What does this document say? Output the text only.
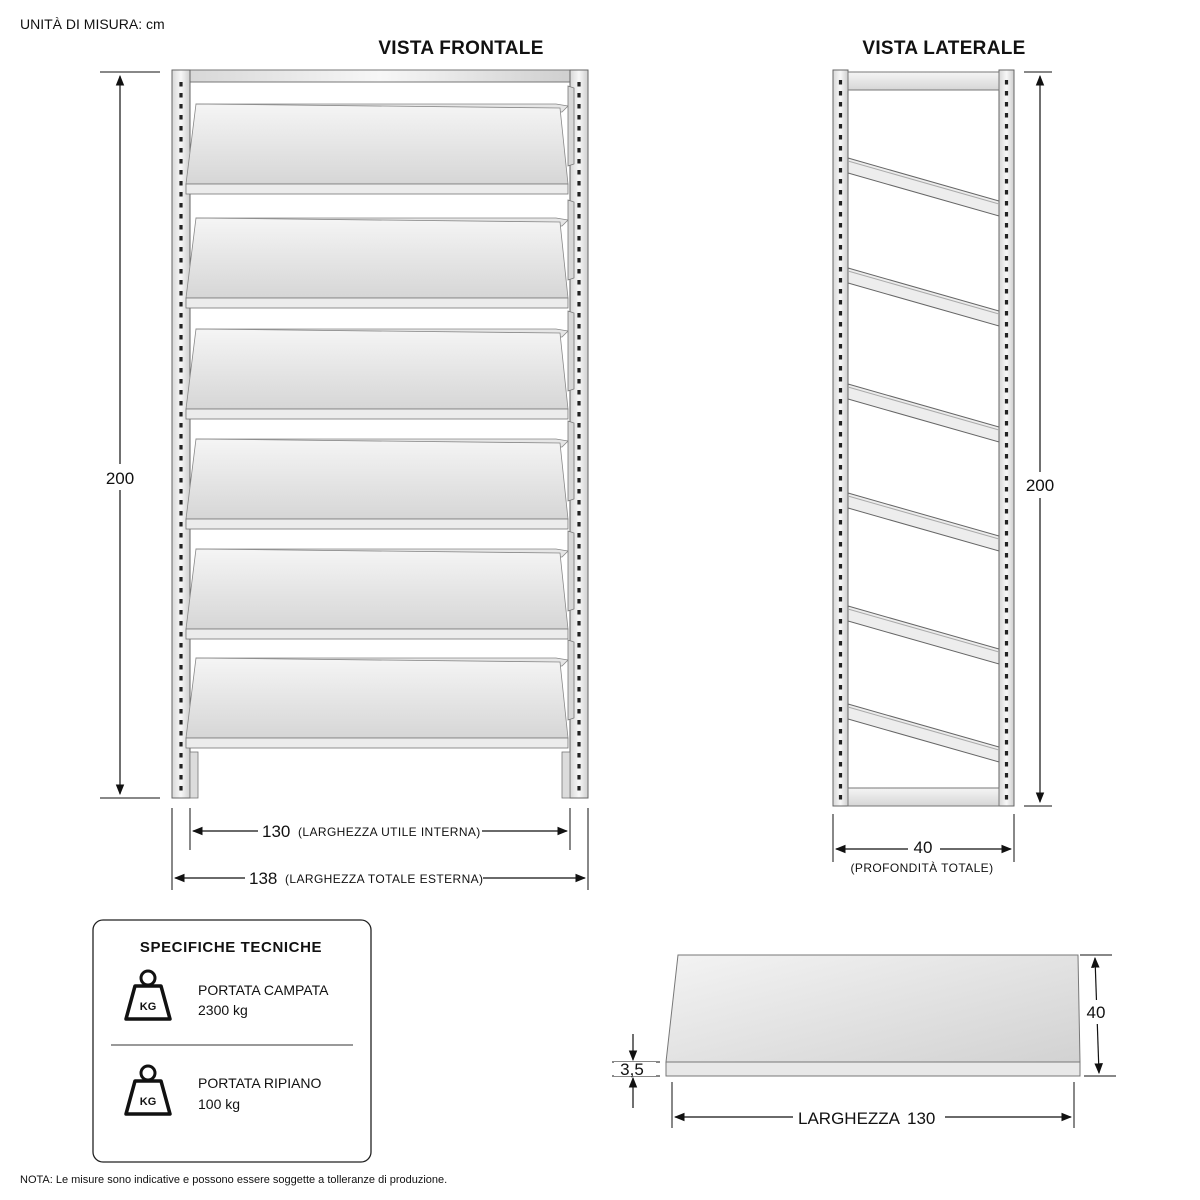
UNITÀ DI MISURA: cm
VISTA FRONTALE
200
130 (LARGHEZZA UTILE INTERNA)
138 (LARGHEZZA TOTALE ESTERNA)
VISTA LATERALE
200
40
(PROFONDITÀ TOTALE)
SPECIFICHE TECNICHE
KG
PORTATA CAMPATA
2300 kg
KG
PORTATA RIPIANO
100 kg
3,5
40
LARGHEZZA 130
NOTA: Le misure sono indicative e possono essere soggette a tolleranze di produzione.
